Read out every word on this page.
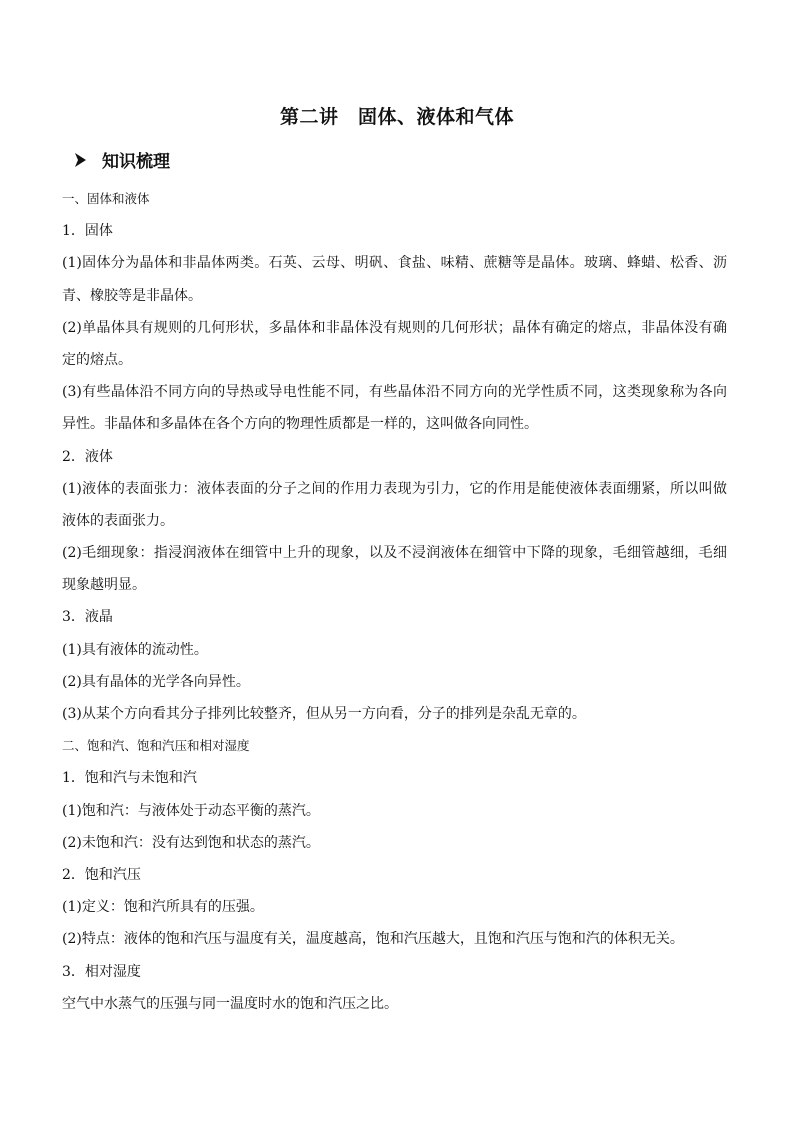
第二讲　固体、液体和气体
知识梳理
一、固体和液体
1．固体
(1)固体分为晶体和非晶体两类。石英、云母、明矾、食盐、味精、蔗糖等是晶体。玻璃、蜂蜡、松香、沥
青、橡胶等是非晶体。
(2)单晶体具有规则的几何形状，多晶体和非晶体没有规则的几何形状；晶体有确定的熔点，非晶体没有确
定的熔点。
(3)有些晶体沿不同方向的导热或导电性能不同，有些晶体沿不同方向的光学性质不同，这类现象称为各向
异性。非晶体和多晶体在各个方向的物理性质都是一样的，这叫做各向同性。
2．液体
(1)液体的表面张力：液体表面的分子之间的作用力表现为引力，它的作用是能使液体表面绷紧，所以叫做
液体的表面张力。
(2)毛细现象：指浸润液体在细管中上升的现象，以及不浸润液体在细管中下降的现象，毛细管越细，毛细
现象越明显。
3．液晶
(1)具有液体的流动性。
(2)具有晶体的光学各向异性。
(3)从某个方向看其分子排列比较整齐，但从另一方向看，分子的排列是杂乱无章的。
二、饱和汽、饱和汽压和相对湿度
1．饱和汽与未饱和汽
(1)饱和汽：与液体处于动态平衡的蒸汽。
(2)未饱和汽：没有达到饱和状态的蒸汽。
2．饱和汽压
(1)定义：饱和汽所具有的压强。
(2)特点：液体的饱和汽压与温度有关，温度越高，饱和汽压越大，且饱和汽压与饱和汽的体积无关。
3．相对湿度
空气中水蒸气的压强与同一温度时水的饱和汽压之比。
